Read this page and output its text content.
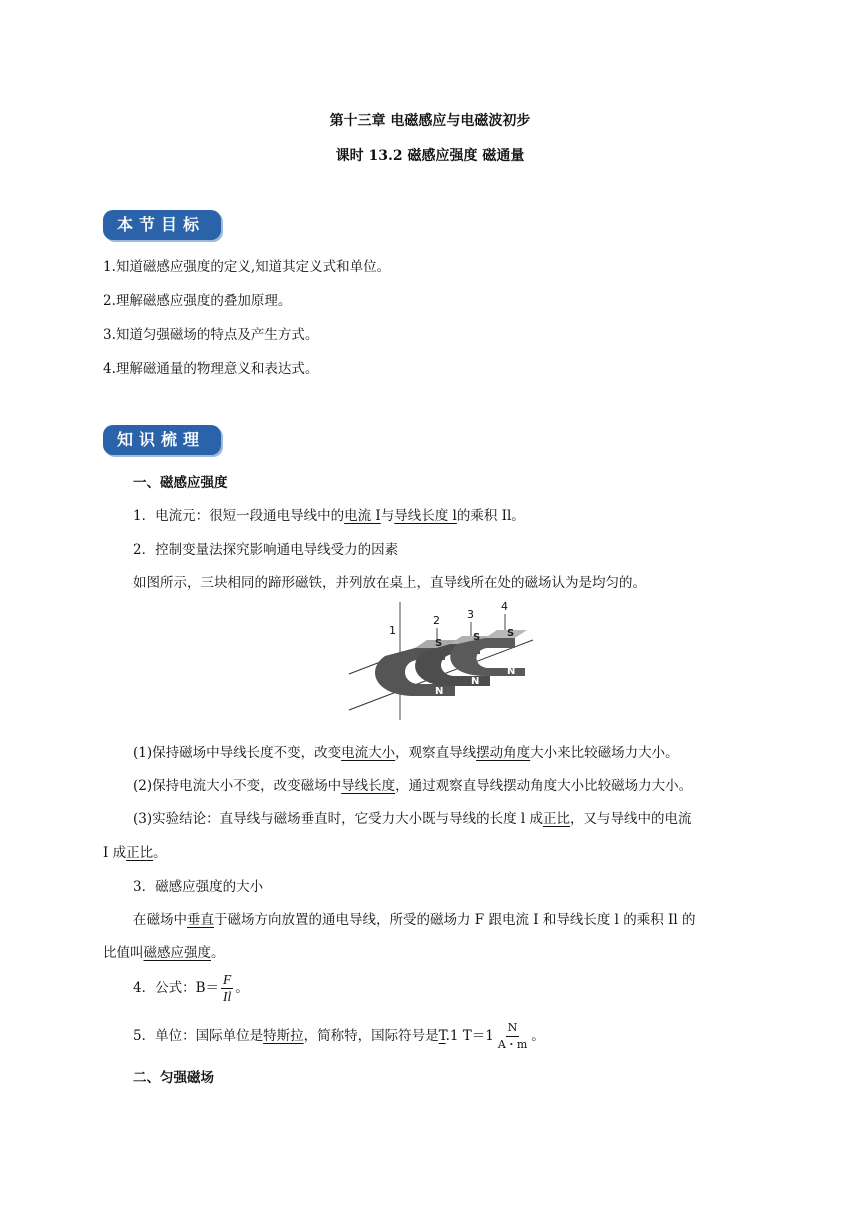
第十三章 电磁感应与电磁波初步
课时 13.2 磁感应强度 磁通量
本节目标
1.知道磁感应强度的定义,知道其定义式和单位。
2.理解磁感应强度的叠加原理。
3.知道匀强磁场的特点及产生方式。
4.理解磁通量的物理意义和表达式。
知识梳理
一、磁感应强度
1．电流元：很短一段通电导线中的电流 I与导线长度 l的乘积 Il。
2．控制变量法探究影响通电导线受力的因素
如图所示，三块相同的蹄形磁铁，并列放在桌上，直导线所在处的磁场认为是均匀的。
S
S	S
N
N
N
1
2 3
4
(1)保持磁场中导线长度不变，改变电流大小，观察直导线摆动角度大小来比较磁场力大小。
(2)保持电流大小不变，改变磁场中导线长度，通过观察直导线摆动角度大小比较磁场力大小。
(3)实验结论：直导线与磁场垂直时，它受力大小既与导线的长度 l 成正比，又与导线中的电流
I 成正比。
3．磁感应强度的大小
在磁场中垂直于磁场方向放置的通电导线，所受的磁场力 F 跟电流 I 和导线长度 l 的乘积 Il 的
比值叫磁感应强度。
4．公式：$B= \frac{F}{Il}$ 。
5．单位：国际单位是特斯拉，简称特，国际符号是T.1 $T=1 \frac{N}{A・m}$ 。
二、匀强磁场
